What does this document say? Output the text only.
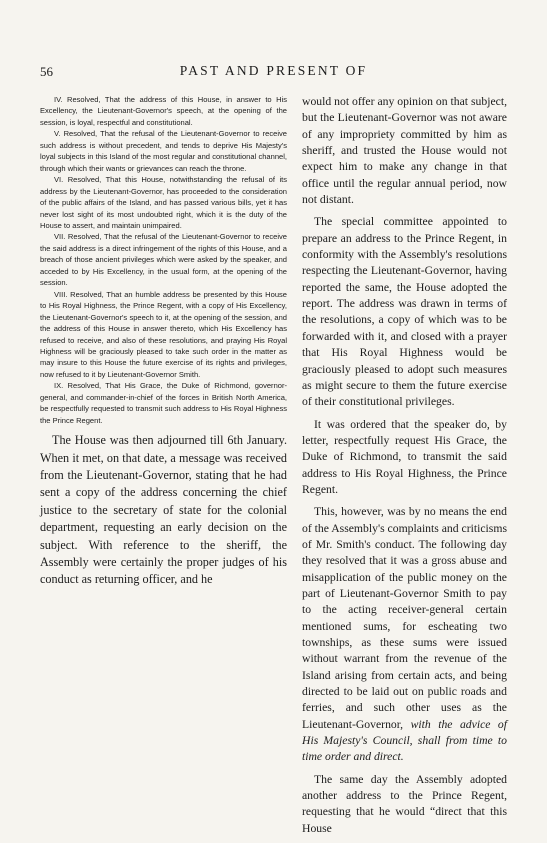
56	PAST AND PRESENT OF

IV. Resolved, That the address of this House, in answer to His Excellency, the Lieutenant-Governor's speech, at the opening of the session, is loyal, respectful and constitutional.

V. Resolved, That the refusal of the Lieutenant-Governor to receive such address is without precedent, and tends to deprive His Majesty's loyal subjects in this Island of the most regular and constitutional channel, through which their wants or grievances can reach the throne.

VI. Resolved, That this House, notwithstanding the refusal of its address by the Lieutenant-Governor, has proceeded to the consideration of the public affairs of the Island, and has passed various bills, yet it has never lost sight of its most undoubted right, which it is the duty of the House to assert, and maintain unimpaired.

VII. Resolved, That the refusal of the Lieutenant-Governor to receive the said address is a direct infringement of the rights of this House, and a breach of those ancient privileges which were asked by the speaker, and acceded to by His Excellency, in the usual form, at the opening of the session.

VIII. Resolved, That an humble address be presented by this House to His Royal Highness, the Prince Regent, with a copy of His Excellency, the Lieutenant-Governor's speech to it, at the opening of the session, and the address of this House in answer thereto, which His Excellency has refused to receive, and also of these resolutions, and praying His Royal Highness will be graciously pleased to take such order in the matter as may insure to this House the future exercise of its rights and privileges, now refused to it by Lieutenant-Governor Smith.

IX. Resolved, That His Grace, the Duke of Richmond, governor-general, and commander-in-chief of the forces in British North America, be respectfully requested to transmit such address to His Royal Highness the Prince Regent.

The House was then adjourned till 6th January. When it met, on that date, a message was received from the Lieutenant-Governor, stating that he had sent a copy of the address concerning the chief justice to the secretary of state for the colonial department, requesting an early decision on the subject. With reference to the sheriff, the Assembly were certainly the proper judges of his conduct as returning officer, and he

would not offer any opinion on that subject, but the Lieutenant-Governor was not aware of any impropriety committed by him as sheriff, and trusted the House would not expect him to make any change in that office until the regular annual period, now not distant.

The special committee appointed to prepare an address to the Prince Regent, in conformity with the Assembly's resolutions respecting the Lieutenant-Governor, having reported the same, the House adopted the report. The address was drawn in terms of the resolutions, a copy of which was to be forwarded with it, and closed with a prayer that His Royal Highness would be graciously pleased to adopt such measures as might secure to them the future exercise of their constitutional privileges.

It was ordered that the speaker do, by letter, respectfully request His Grace, the Duke of Richmond, to transmit the said address to His Royal Highness, the Prince Regent.

This, however, was by no means the end of the Assembly's complaints and criticisms of Mr. Smith's conduct. The following day they resolved that it was a gross abuse and misapplication of the public money on the part of Lieutenant-Governor Smith to pay to the acting receiver-general certain mentioned sums, for escheating two townships, as these sums were issued without warrant from the revenue of the Island arising from certain acts, and being directed to be laid out on public roads and ferries, and such other uses as the Lieutenant-Governor, with the advice of His Majesty's Council, shall from time to time order and direct.

The same day the Assembly adopted another address to the Prince Regent, requesting that he would “direct that this House
